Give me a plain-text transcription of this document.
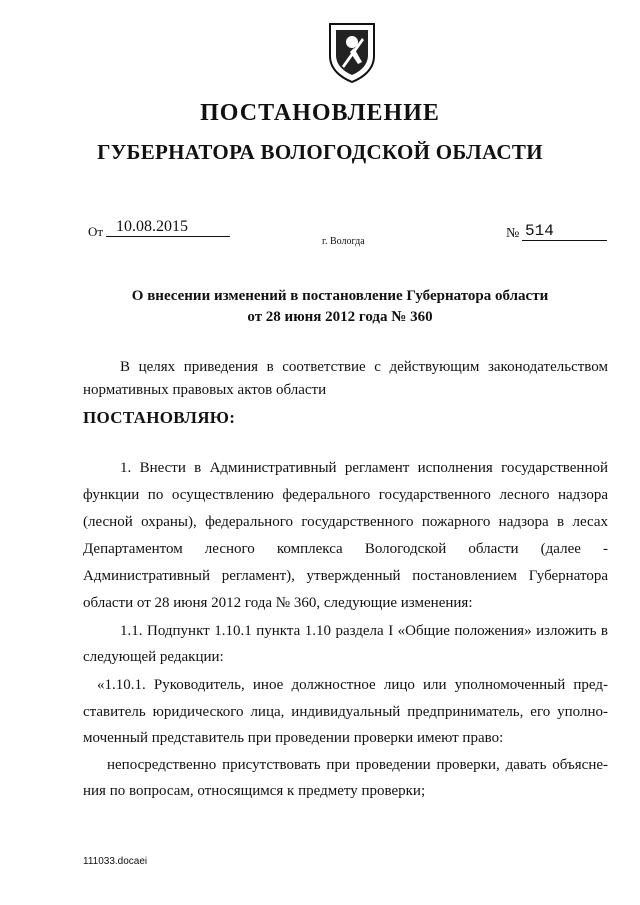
ПОСТАНОВЛЕНИЕ
ГУБЕРНАТОРА ВОЛОГОДСКОЙ ОБЛАСТИ
От 10.08.2015	№ 514
г. Вологда
О внесении изменений в постановление Губернатора области
от 28 июня 2012 года № 360
В целях приведения в соответствие с действующим законодательством
нормативных правовых актов области
ПОСТАНОВЛЯЮ:
1. Внести в Административный регламент исполнения государственной
функции по осуществлению федерального государственного лесного надзора
(лесной охраны), федерального государственного пожарного надзора в лесах
Департаментом лесного комплекса Вологодской области (далее -
Административный регламент), утвержденный постановлением Губернатора
области от 28 июня 2012 года № 360, следующие изменения:
1.1. Подпункт 1.10.1 пункта 1.10 раздела I «Общие положения» изложить в
следующей редакции:
«1.10.1. Руководитель, иное должностное лицо или уполномоченный пред-
ставитель юридического лица, индивидуальный предприниматель, его уполно-
моченный представитель при проведении проверки имеют право:
непосредственно присутствовать при проведении проверки, давать объясне-
ния по вопросам, относящимся к предмету проверки;
111033.docaei
